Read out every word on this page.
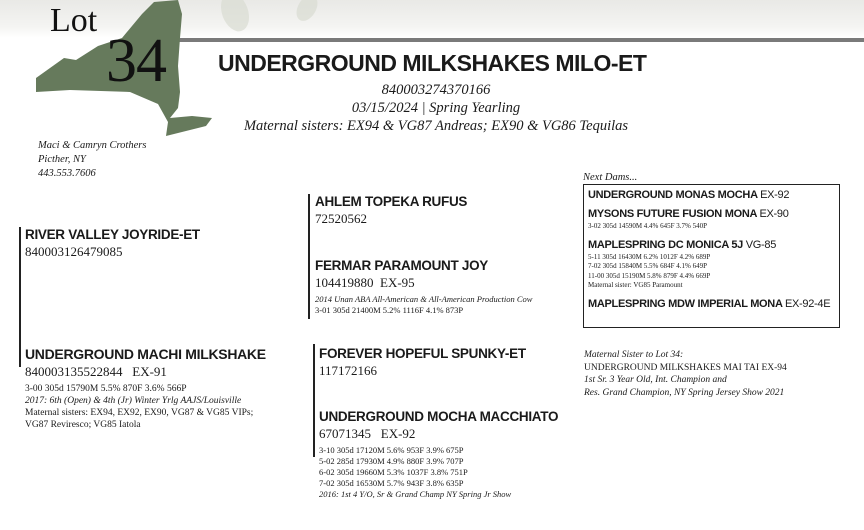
Lot
34 UNDERGROUND MILKSHAKES MILO-ET
840003274370166
03/15/2024 | Spring Yearling
Maternal sisters: EX94 & VG87 Andreas; EX90 & VG86 Tequilas
Maci & Camryn Crothers
Picther, NY
443.553.7606
RIVER VALLEY JOYRIDE-ET
840003126479085
AHLEM TOPEKA RUFUS
72520562
FERMAR PARAMOUNT JOY
104419880  EX-95
2014 Unan ABA All-American & All-American Production Cow
3-01 305d 21400M 5.2% 1116F 4.1% 873P
UNDERGROUND MACHI MILKSHAKE
840003135522844   EX-91
3-00 305d 15790M 5.5% 870F 3.6% 566P
2017: 6th (Open) & 4th (Jr) Winter Yrlg AAJS/Louisville
Maternal sisters: EX94, EX92, EX90, VG87 & VG85 VIPs;
VG87 Reviresco; VG85 Iatola
FOREVER HOPEFUL SPUNKY-ET
117172166
UNDERGROUND MOCHA MACCHIATO
67071345   EX-92
3-10 305d 17120M 5.6% 953F 3.9% 675P
5-02 285d 17930M 4.9% 880F 3.9% 707P
6-02 305d 19660M 5.3% 1037F 3.8% 751P
7-02 305d 16530M 5.7% 943F 3.8% 635P
2016: 1st 4 Y/O, Sr & Grand Champ NY Spring Jr Show
Next Dams...
UNDERGROUND MONAS MOCHA EX-92
MYSONS FUTURE FUSION MONA EX-90
3-02 305d 14590M 4.4% 645F 3.7% 540P
MAPLESPRING DC MONICA 5J VG-85
5-11 305d 16430M 6.2% 1012F 4.2% 689P
7-02 305d 15840M 5.5% 684F 4.1% 649P
11-00 305d 15190M 5.8% 879F 4.4% 669P
Maternal sister: VG85 Paramount
MAPLESPRING MDW IMPERIAL MONA EX-92-4E
Maternal Sister to Lot 34:
UNDERGROUND MILKSHAKES MAI TAI EX-94
1st Sr. 3 Year Old, Int. Champion and
Res. Grand Champion, NY Spring Jersey Show 2021
